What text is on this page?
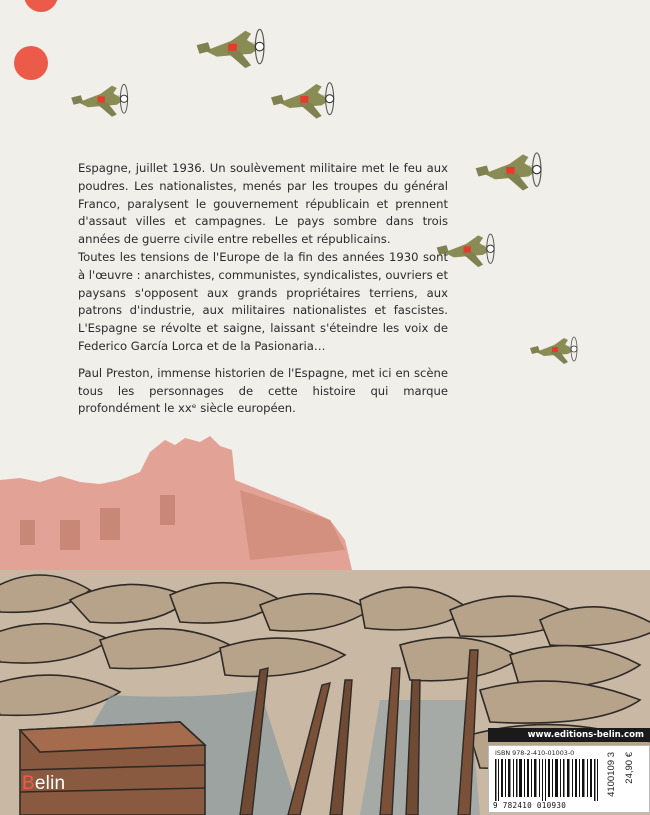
Espagne, juillet 1936. Un soulèvement militaire met le feu aux poudres. Les nationalistes, menés par les troupes du général Franco, paralysent le gouvernement républicain et prennent d'assaut villes et campagnes. Le pays sombre dans trois années de guerre civile entre rebelles et républicains.

Toutes les tensions de l'Europe de la fin des années 1930 sont à l'œuvre : anarchistes, communistes, syndicalistes, ouvriers et paysans s'opposent aux grands propriétaires terriens, aux patrons d'industrie, aux militaires nationalistes et fascistes. L'Espagne se révolte et saigne, laissant s'éteindre les voix de Federico García Lorca et de la Pasionaria…

Paul Preston, immense historien de l'Espagne, met ici en scène tous les personnages de cette histoire qui marque profondément le xxᵉ siècle européen.

www.editions-belin.com
ISBN 978-2-410-01003-0
9 782410 010930
4100109 3 24,90 €
Belin
